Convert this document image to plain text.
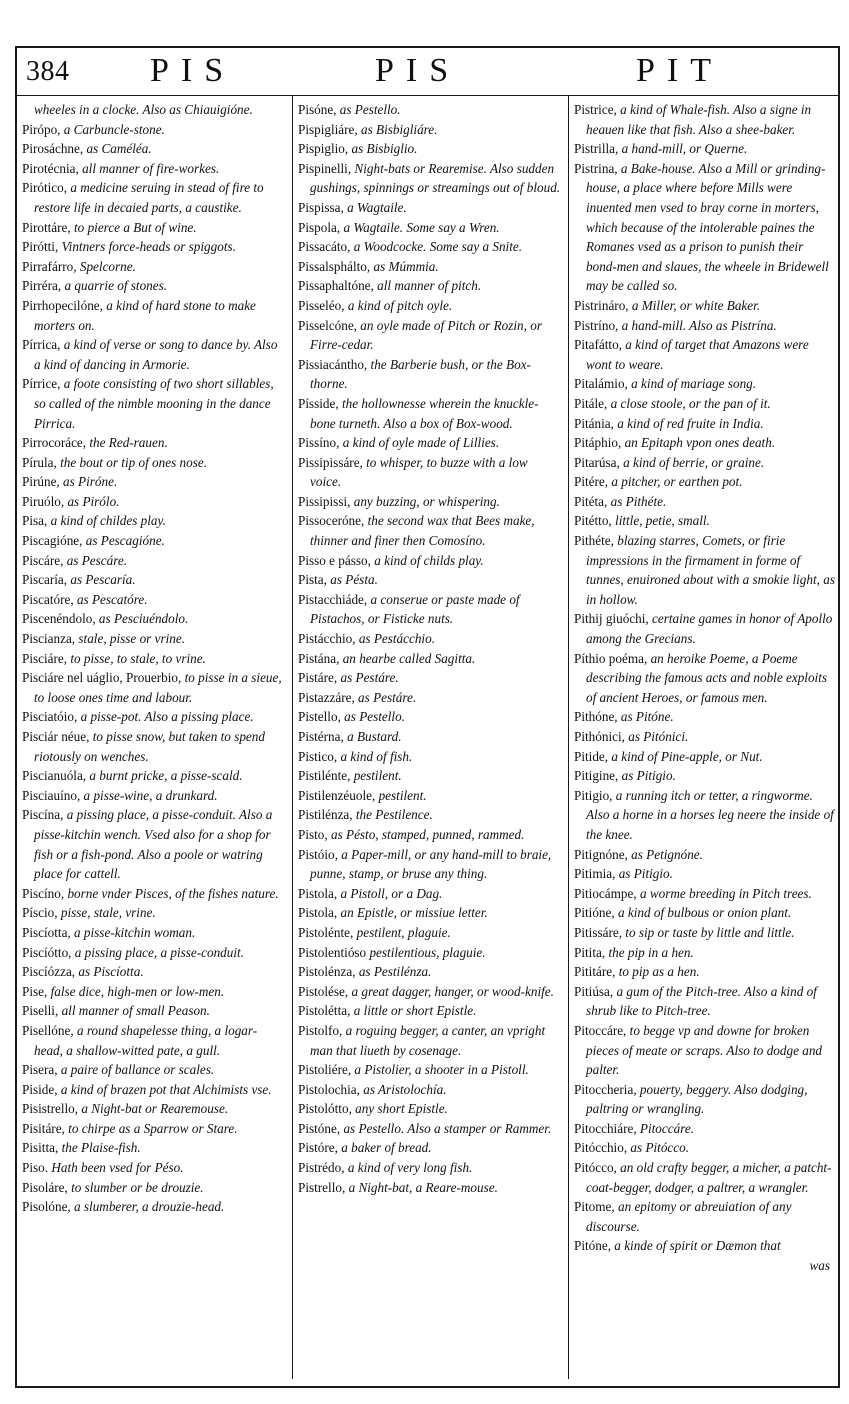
384 PIS	PIS	PIT

wheeles in a clocke. Also as Chiauigióne.

Pirópo, a Carbuncle-stone.

Pirosáchne, as Caméléa.

Pirotécnia, all manner of fire-workes.

Pirótico, a medicine seruing in stead of fire to restore life in decaied parts, a caustike.

Pirottáre, to pierce a But of wine.

Pirótti, Vintners force-heads or spiggots.

Pirrafárro, Spelcorne.

Pirréra, a quarrie of stones.

Pirrhopecilóne, a kind of hard stone to make morters on.

Pírrica, a kind of verse or song to dance by. Also a kind of dancing in Armorie.

Pírrice, a foote consisting of two short sillables, so called of the nimble mooning in the dance Pirrica.

Pirrocoráce, the Red-rauen.

Pírula, the bout or tip of ones nose.

Pirúne, as Piróne.

Piruólo, as Pirólo.

Pisa, a kind of childes play.

Piscagióne, as Pescagióne.

Piscáre, as Pescáre.

Piscaría, as Pescaría.

Piscatóre, as Pescatóre.

Piscenéndolo, as Pesciuéndolo.

Piscianza, stale, pisse or vrine.

Pisciáre, to pisse, to stale, to vrine.

Pisciáre nel uáglio, Prouerbio, to pisse in a sieue, to loose ones time and labour.

Pisciatóio, a pisse-pot. Also a pissing place.

Pisciár néue, to pisse snow, but taken to spend riotously on wenches.

Piscianuóla, a burnt pricke, a pisse-scald.

Pisciauíno, a pisse-wine, a drunkard.

Piscína, a pissing place, a pisse-conduit. Also a pisse-kitchin wench. Vsed also for a shop for fish or a fish-pond. Also a poole or watring place for cattell.

Piscíno, borne vnder Pisces, of the fishes nature.

Píscio, pisse, stale, vrine.

Piscíotta, a pisse-kitchin woman.

Piscíótto, a pissing place, a pisse-conduit.

Piscíózza, as Piscíotta.

Pise, false dice, high-men or low-men.

Piselli, all manner of small Peason.

Pisellóne, a round shapelesse thing, a logar-head, a shallow-witted pate, a gull.

Pisera, a paire of ballance or scales.

Piside, a kind of brazen pot that Alchimists vse.

Pisistrello, a Night-bat or Rearemouse.

Pisitáre, to chirpe as a Sparrow or Stare.

Pisitta, the Plaise-fish.

Piso. Hath been vsed for Péso.

Pisoláre, to slumber or be drouzie.

Pisolóne, a slumberer, a drouzie-head.

Pisóne, as Pestello.

Pispigliáre, as Bisbigliáre.

Pispiglio, as Bisbiglio.

Pispinelli, Night-bats or Rearemise. Also sudden gushings, spinnings or streamings out of bloud.

Pispissa, a Wagtaile.

Pispola, a Wagtaile. Some say a Wren.

Pissacáto, a Woodcocke. Some say a Snite.

Pissalsphálto, as Múmmia.

Pissaphaltóne, all manner of pitch.

Pisseléo, a kind of pitch oyle.

Pisselcóne, an oyle made of Pitch or Rozin, or Firre-cedar.

Pissiacántho, the Barberie bush, or the Box-thorne.

Písside, the hollownesse wherein the knuckle-bone turneth. Also a box of Box-wood.

Pissíno, a kind of oyle made of Lillies.

Pissipissáre, to whisper, to buzze with a low voice.

Pissipissi, any buzzing, or whispering.

Pissoceróne, the second wax that Bees make, thinner and finer then Comosíno.

Pisso e pásso, a kind of childs play.

Pista, as Pésta.

Pistacchiáde, a conserue or paste made of Pistachos, or Fisticke nuts.

Pistácchio, as Pestácchio.

Pistána, an hearbe called Sagitta.

Pistáre, as Pestáre.

Pistazzáre, as Pestáre.

Pistello, as Pestello.

Pistérna, a Bustard.

Pistico, a kind of fish.

Pistilénte, pestilent.

Pistilenzéuole, pestilent.

Pistilénza, the Pestilence.

Pisto, as Pésto, stamped, punned, rammed.

Pistóio, a Paper-mill, or any hand-mill to braie, punne, stamp, or bruse any thing.

Pistola, a Pistoll, or a Dag.

Pistola, an Epistle, or missiue letter.

Pistolénte, pestilent, plaguie.

Pistolentióso pestilentious, plaguie.

Pistolénza, as Pestilénza.

Pistolése, a great dagger, hanger, or wood-knife.

Pistolétta, a little or short Epistle.

Pistolfo, a roguing begger, a canter, an vpright man that liueth by cosenage.

Pistoliére, a Pistolier, a shooter in a Pistoll.

Pistolochia, as Aristolochía.

Pistolótto, any short Epistle.

Pistóne, as Pestello. Also a stamper or Rammer.

Pistóre, a baker of bread.

Pistrédo, a kind of very long fish.

Pistrello, a Night-bat, a Reare-mouse.

Pistrice, a kind of Whale-fish. Also a signe in heauen like that fish. Also a shee-baker.

Pistrilla, a hand-mill, or Querne.

Pistrina, a Bake-house. Also a Mill or grinding-house, a place where before Mills were inuented men vsed to bray corne in morters, which because of the intolerable paines the Romanes vsed as a prison to punish their bond-men and slaues, the wheele in Bridewell may be called so.

Pistrináro, a Miller, or white Baker.

Pistríno, a hand-mill. Also as Pistrína.

Pitafátto, a kind of target that Amazons were wont to weare.

Pitalámio, a kind of mariage song.

Pitále, a close stoole, or the pan of it.

Pitánia, a kind of red fruite in India.

Pitáphio, an Epitaph vpon ones death.

Pitarúsa, a kind of berrie, or graine.

Pitére, a pitcher, or earthen pot.

Pitéta, as Pithéte.

Pitétto, little, petie, small.

Pithéte, blazing starres, Comets, or firie impressions in the firmament in forme of tunnes, enuironed about with a smokie light, as in hollow.

Pithij giuóchi, certaine games in honor of Apollo among the Grecians.

Píthio poéma, an heroike Poeme, a Poeme describing the famous acts and noble exploits of ancient Heroes, or famous men.

Pithóne, as Pitóne.

Pithónici, as Pitónici.

Pitide, a kind of Pine-apple, or Nut.

Pitigine, as Pitigio.

Pitigio, a running itch or tetter, a ringworme. Also a horne in a horses leg neere the inside of the knee.

Pitignóne, as Petignóne.

Pitimia, as Pitigio.

Pitiocámpe, a worme breeding in Pitch trees.

Pitióne, a kind of bulbous or onion plant.

Pitissáre, to sip or taste by little and little.

Pitita, the pip in a hen.

Pititáre, to pip as a hen.

Pitiúsa, a gum of the Pitch-tree. Also a kind of shrub like to Pitch-tree.

Pitoccáre, to begge vp and downe for broken pieces of meate or scraps. Also to dodge and palter.

Pitoccheria, pouerty, beggery. Also dodging, paltring or wrangling.

Pitocchiáre, Pitoccáre.

Pitócchio, as Pitócco.

Pitócco, an old crafty begger, a micher, a patcht-coat-begger, dodger, a paltrer, a wrangler.

Pitome, an epitomy or abreuiation of any discourse.

Pitóne, a kinde of spirit or Dæmon that

was
